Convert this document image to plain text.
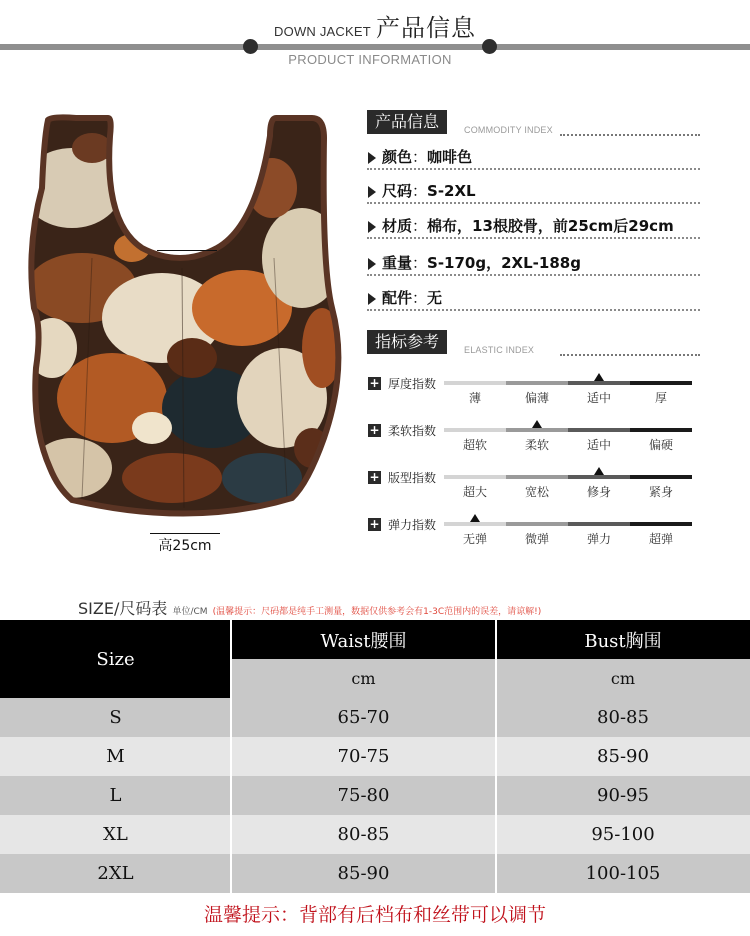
DOWN JACKET 产品信息
PRODUCT INFORMATION
高25cm
产品信息	COMMODITY INDEX
颜色：咖啡色
尺码：S-2XL
材质：棉布，13根胶骨，前25cm后29cm
重量：S-170g，2XL-188g
配件：无
指标参考	ELASTIC INDEX
+ 厚度指数
薄	偏薄	适中	厚
+ 柔软指数
超软	柔软	适中	偏硬
+ 版型指数
超大	宽松	修身	紧身
+ 弹力指数
无弹	微弹	弹力	超弹
SIZE/尺码表 单位/CM (温馨提示：尺码都是纯手工测量，数据仅供参考会有1-3C范围内的误差，请谅解!)
Size
Waist腰围	Bust胸围
cm	cm
S	65-70	80-85
M	70-75	85-90
L	75-80	90-95
XL	80-85	95-100
2XL	85-90	100-105
温馨提示：背部有后档布和丝带可以调节
